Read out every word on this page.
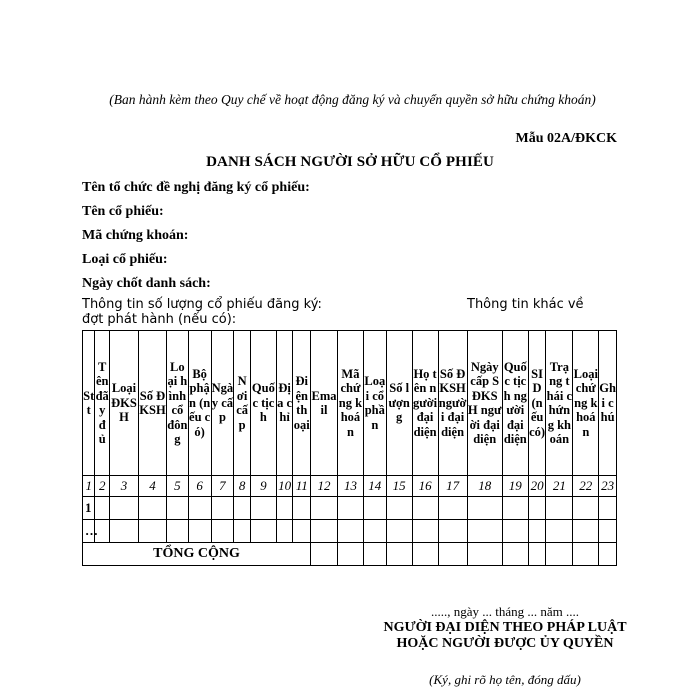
(Ban hành kèm theo Quy chế về hoạt động đăng ký và chuyển quyền sở hữu chứng khoán)
Mẫu 02A/ĐKCK
DANH SÁCH NGƯỜI SỞ HỮU CỔ PHIẾU
Tên tổ chức đề nghị đăng ký cổ phiếu:
Tên cổ phiếu:
Mã chứng khoán:
Loại cổ phiếu:
Ngày chốt danh sách:
Thông tin số lượng cổ phiếu đăng ký:
đợt phát hành (nếu có):
Thông tin khác về
Stt	Tên đã y đủ	Loại ĐKSH	Số ĐKSH	Loại hình cổ đông	Bộ phận (nếu có)	Ngày cấp	Nơi cấp	Quốc tịch	Địa chỉ	Điện thoại	Email	Mã chứng khoán	Loại cổ phần	Số lượng	Họ tên người đại diện	Số ĐKSH người đại diện	Ngày cấp SĐKSH người đại diện	Quốc tịch người đại diện	SID (nếu có)	Trạng thái chứng khoán	Loại chứng khoán	Ghi chú

1	2	3	4	5	6	7	8	9	10	11	12	13	14	15	16	17	18	19	20	21	22	23
1																						
…																						
TỔNG CỘNG																						
....., ngày ... tháng ... năm ....
NGƯỜI ĐẠI DIỆN THEO PHÁP LUẬT HOẶC NGƯỜI ĐƯỢC ỦY QUYỀN
(Ký, ghi rõ họ tên, đóng dấu)
